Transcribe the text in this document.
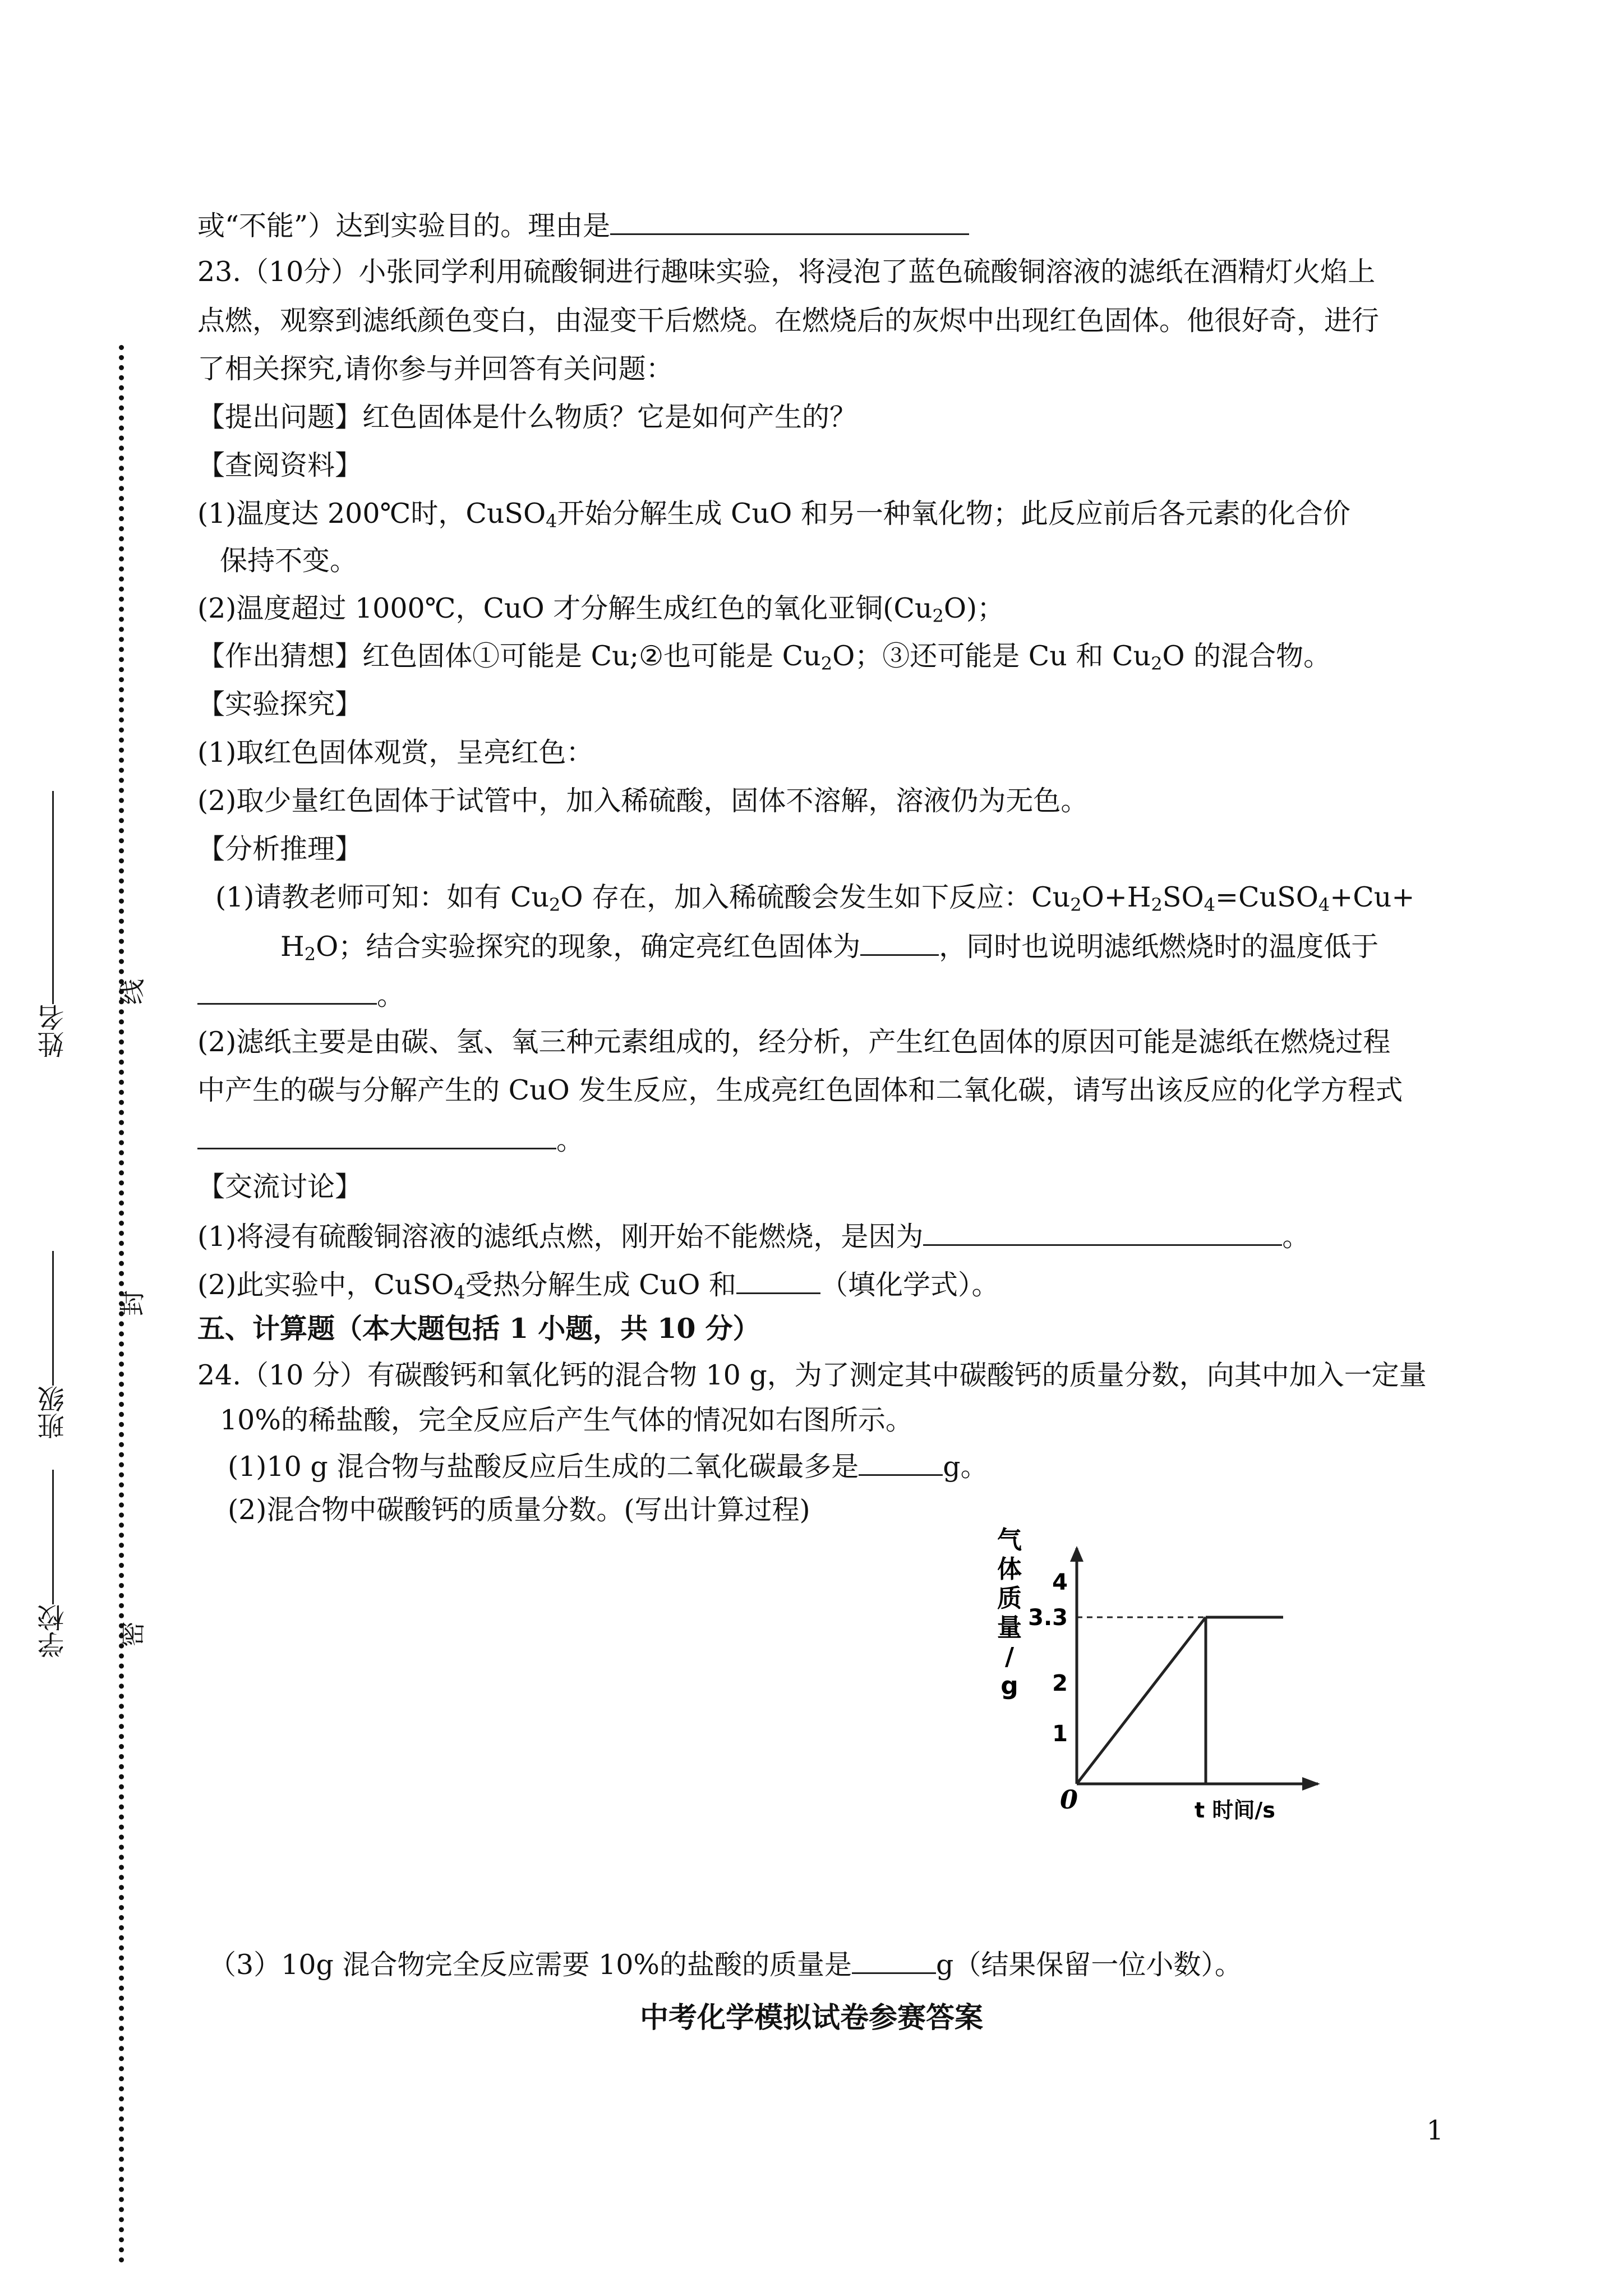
学校
班级
姓名
密
封
线
或“不能”）达到实验目的。理由是
23.（10分）小张同学利用硫酸铜进行趣味实验，将浸泡了蓝色硫酸铜溶液的滤纸在酒精灯火焰上
点燃，观察到滤纸颜色变白，由湿变干后燃烧。在燃烧后的灰烬中出现红色固体。他很好奇，进行
了相关探究,请你参与并回答有关问题：
【提出问题】红色固体是什么物质？它是如何产生的？
【查阅资料】
(1)温度达 200℃时，CuSO$_4$开始分解生成 CuO 和另一种氧化物；此反应前后各元素的化合价
保持不变。
(2)温度超过 1000℃，CuO 才分解生成红色的氧化亚铜$(Cu_2O)$；
【作出猜想】红色固体①可能是 Cu;②也可能是 $Cu_2O$；③还可能是 Cu 和 $Cu_2O$ 的混合物。
【实验探究】
(1)取红色固体观赏，呈亮红色：
(2)取少量红色固体于试管中，加入稀硫酸，固体不溶解，溶液仍为无色。
【分析推理】
(1)请教老师可知：如有 $Cu_2O$ 存在，加入稀硫酸会发生如下反应：$Cu_2O+H_2SO_4=CuSO_4+Cu+$
$H_2O$；结合实验探究的现象，确定亮红色固体为	，同时也说明滤纸燃烧时的温度低于
。
(2)滤纸主要是由碳、氢、氧三种元素组成的，经分析，产生红色固体的原因可能是滤纸在燃烧过程
中产生的碳与分解产生的 CuO 发生反应，生成亮红色固体和二氧化碳，请写出该反应的化学方程式
。
【交流讨论】
(1)将浸有硫酸铜溶液的滤纸点燃，刚开始不能燃烧，是因为	。
(2)此实验中，CuSO$_4$受热分解生成 CuO 和	（填化学式）。
五、计算题（本大题包括 1 小题，共 10 分）
24.（10 分）有碳酸钙和氧化钙的混合物 10 g，为了测定其中碳酸钙的质量分数，向其中加入一定量
10%的稀盐酸，完全反应后产生气体的情况如右图所示。
(1)10 g 混合物与盐酸反应后生成的二氧化碳最多是	g。
(2)混合物中碳酸钙的质量分数。(写出计算过程)
4
3.3
2
1
0	t 时间/s
气
体
质
量
/
g
（3）10g 混合物完全反应需要 10%的盐酸的质量是	g（结果保留一位小数）。
中考化学模拟试卷参赛答案
1
